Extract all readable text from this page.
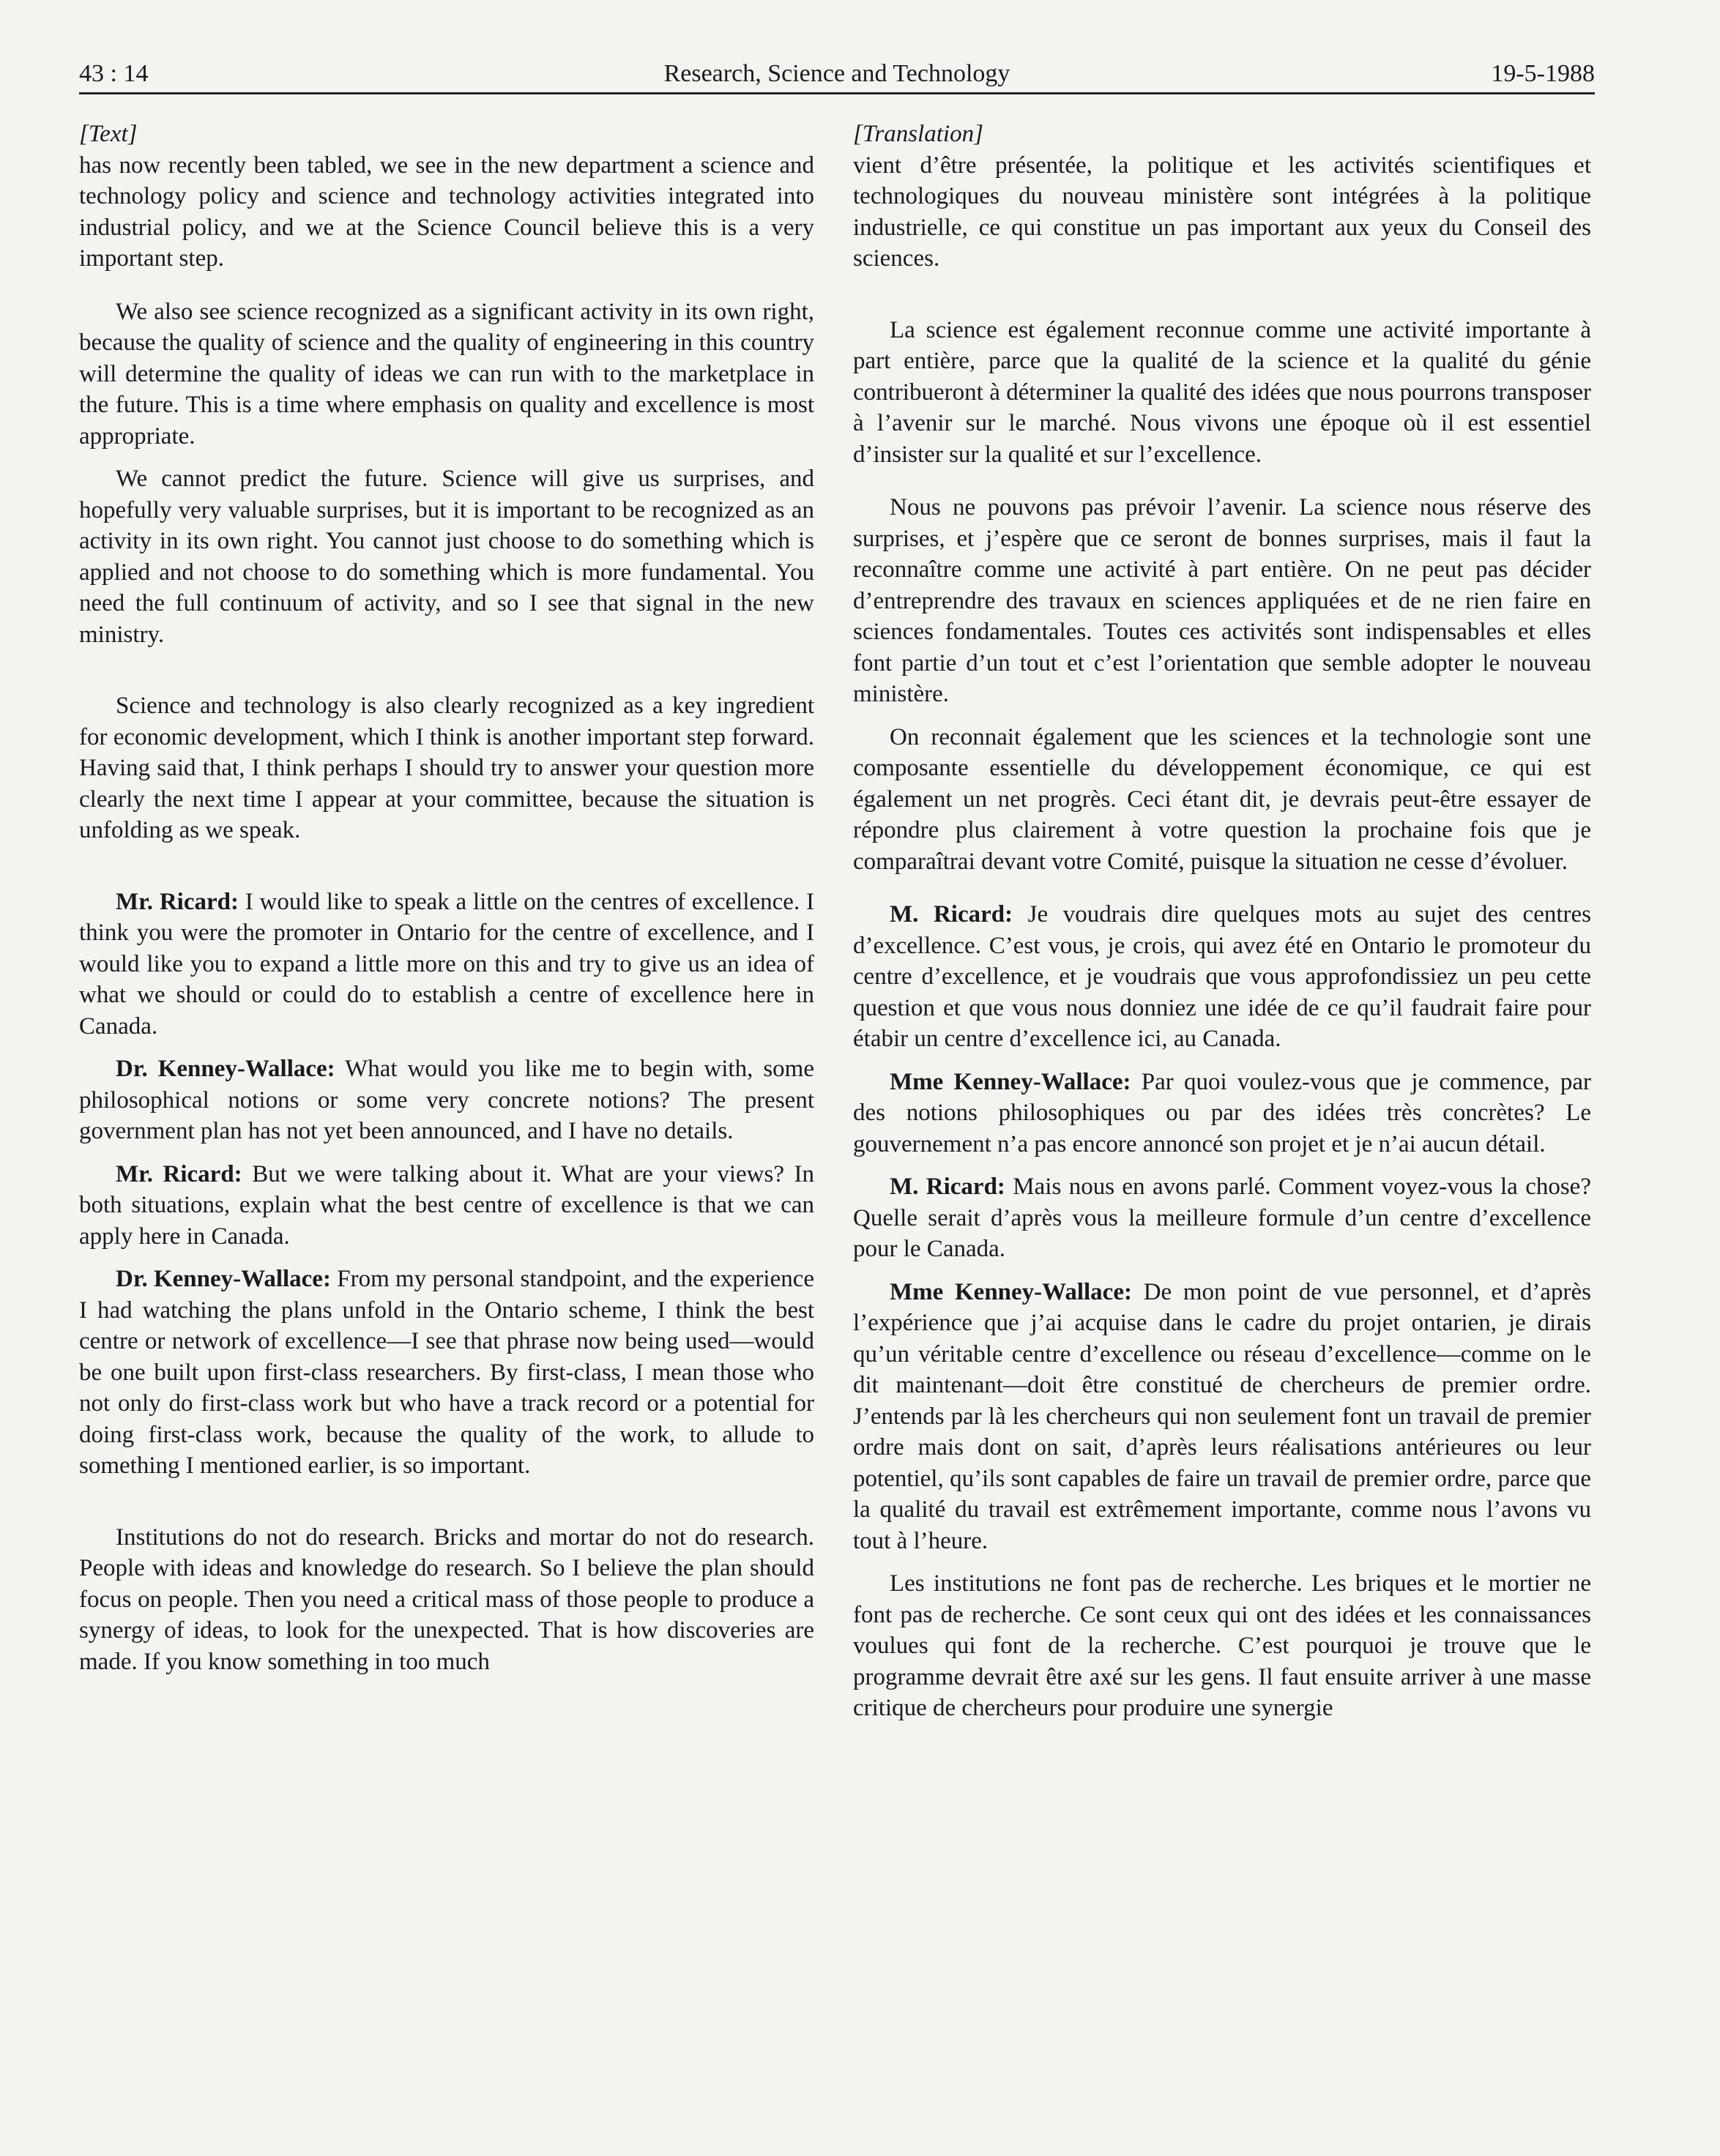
43 : 14	Research, Science and Technology	19-5-1988

[Text]

has now recently been tabled, we see in the new department a science and technology policy and science and technology activities integrated into industrial policy, and we at the Science Council believe this is a very important step.

We also see science recognized as a significant activity in its own right, because the quality of science and the quality of engineering in this country will determine the quality of ideas we can run with to the marketplace in the future. This is a time where emphasis on quality and excellence is most appropriate.

We cannot predict the future. Science will give us surprises, and hopefully very valuable surprises, but it is important to be recognized as an activity in its own right. You cannot just choose to do something which is applied and not choose to do something which is more fundamental. You need the full continuum of activity, and so I see that signal in the new ministry.

Science and technology is also clearly recognized as a key ingredient for economic development, which I think is another important step forward. Having said that, I think perhaps I should try to answer your question more clearly the next time I appear at your committee, because the situation is unfolding as we speak.

Mr. Ricard: I would like to speak a little on the centres of excellence. I think you were the promoter in Ontario for the centre of excellence, and I would like you to expand a little more on this and try to give us an idea of what we should or could do to establish a centre of excellence here in Canada.

Dr. Kenney-Wallace: What would you like me to begin with, some philosophical notions or some very concrete notions? The present government plan has not yet been announced, and I have no details.

Mr. Ricard: But we were talking about it. What are your views? In both situations, explain what the best centre of excellence is that we can apply here in Canada.

Dr. Kenney-Wallace: From my personal standpoint, and the experience I had watching the plans unfold in the Ontario scheme, I think the best centre or network of excellence—I see that phrase now being used—would be one built upon first-class researchers. By first-class, I mean those who not only do first-class work but who have a track record or a potential for doing first-class work, because the quality of the work, to allude to something I mentioned earlier, is so important.

Institutions do not do research. Bricks and mortar do not do research. People with ideas and knowledge do research. So I believe the plan should focus on people. Then you need a critical mass of those people to produce a synergy of ideas, to look for the unexpected. That is how discoveries are made. If you know something in too much

[Translation]

vient d’être présentée, la politique et les activités scientifiques et technologiques du nouveau ministère sont intégrées à la politique industrielle, ce qui constitue un pas important aux yeux du Conseil des sciences.

La science est également reconnue comme une activité importante à part entière, parce que la qualité de la science et la qualité du génie contribueront à déterminer la qualité des idées que nous pourrons transposer à l’avenir sur le marché. Nous vivons une époque où il est essentiel d’insister sur la qualité et sur l’excellence.

Nous ne pouvons pas prévoir l’avenir. La science nous réserve des surprises, et j’espère que ce seront de bonnes surprises, mais il faut la reconnaître comme une activité à part entière. On ne peut pas décider d’entreprendre des travaux en sciences appliquées et de ne rien faire en sciences fondamentales. Toutes ces activités sont indispensables et elles font partie d’un tout et c’est l’orientation que semble adopter le nouveau ministère.

On reconnait également que les sciences et la technologie sont une composante essentielle du développement économique, ce qui est également un net progrès. Ceci étant dit, je devrais peut-être essayer de répondre plus clairement à votre question la prochaine fois que je comparaîtrai devant votre Comité, puisque la situation ne cesse d’évoluer.

M. Ricard: Je voudrais dire quelques mots au sujet des centres d’excellence. C’est vous, je crois, qui avez été en Ontario le promoteur du centre d’excellence, et je voudrais que vous approfondissiez un peu cette question et que vous nous donniez une idée de ce qu’il faudrait faire pour étabir un centre d’excellence ici, au Canada.

Mme Kenney-Wallace: Par quoi voulez-vous que je commence, par des notions philosophiques ou par des idées très concrètes? Le gouvernement n’a pas encore annoncé son projet et je n’ai aucun détail.

M. Ricard: Mais nous en avons parlé. Comment voyez-vous la chose? Quelle serait d’après vous la meilleure formule d’un centre d’excellence pour le Canada.

Mme Kenney-Wallace: De mon point de vue personnel, et d’après l’expérience que j’ai acquise dans le cadre du projet ontarien, je dirais qu’un véritable centre d’excellence ou réseau d’excellence—comme on le dit maintenant—doit être constitué de chercheurs de premier ordre. J’entends par là les chercheurs qui non seulement font un travail de premier ordre mais dont on sait, d’après leurs réalisations antérieures ou leur potentiel, qu’ils sont capables de faire un travail de premier ordre, parce que la qualité du travail est extrêmement importante, comme nous l’avons vu tout à l’heure.

Les institutions ne font pas de recherche. Les briques et le mortier ne font pas de recherche. Ce sont ceux qui ont des idées et les connaissances voulues qui font de la recherche. C’est pourquoi je trouve que le programme devrait être axé sur les gens. Il faut ensuite arriver à une masse critique de chercheurs pour produire une synergie
